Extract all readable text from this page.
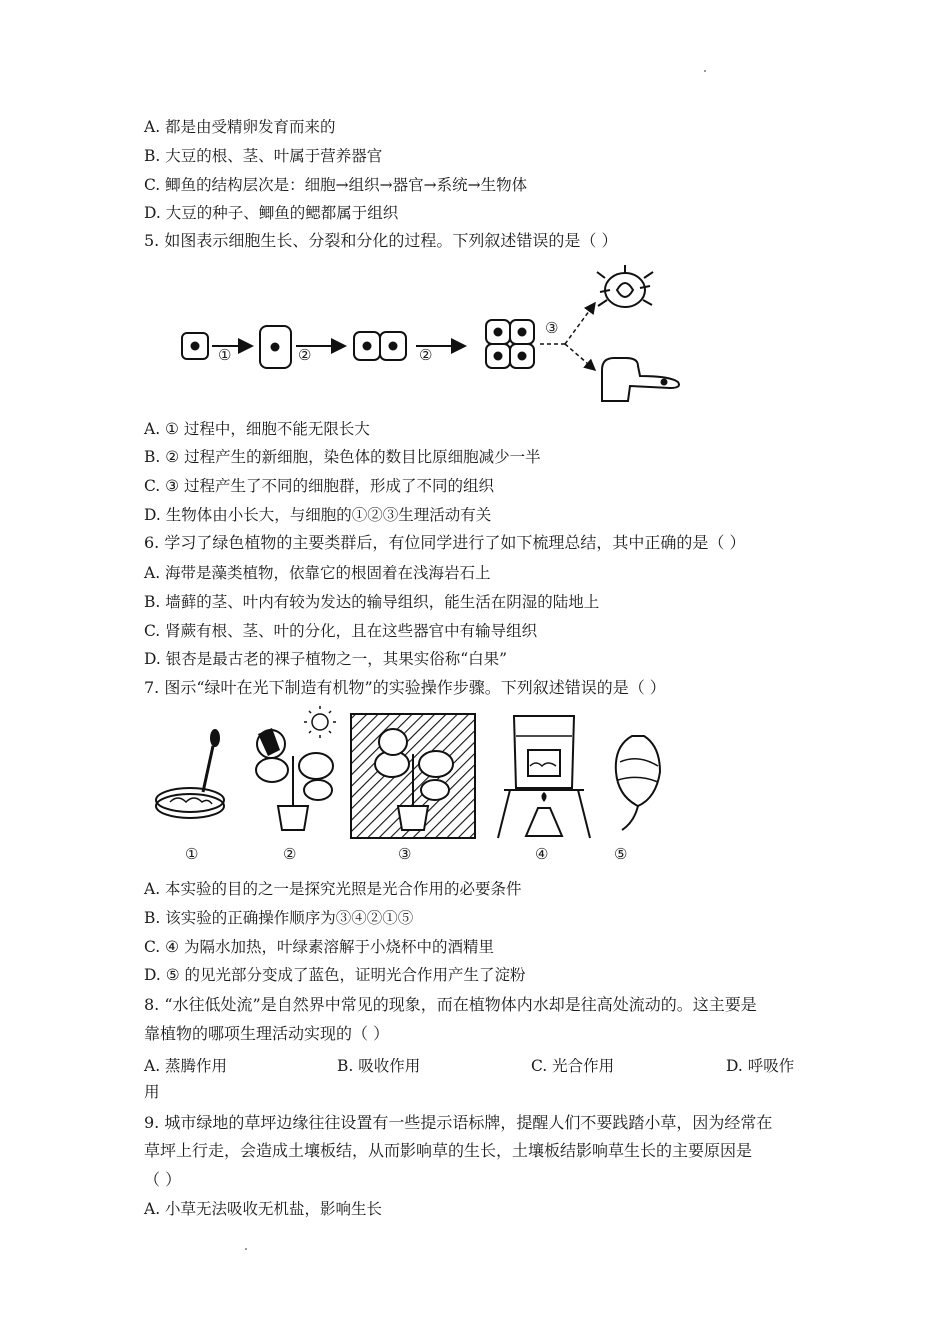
A. 都是由受精卵发育而来的
B. 大豆的根、茎、叶属于营养器官
C. 鲫鱼的结构层次是：细胞→组织→器官→系统→生物体
D. 大豆的种子、鲫鱼的鳃都属于组织
5. 如图表示细胞生长、分裂和分化的过程。下列叙述错误的是（ ）
①	②	②
③
A. ① 过程中，细胞不能无限长大
B. ② 过程产生的新细胞，染色体的数目比原细胞减少一半
C. ③ 过程产生了不同的细胞群，形成了不同的组织
D. 生物体由小长大，与细胞的①②③生理活动有关
6. 学习了绿色植物的主要类群后，有位同学进行了如下梳理总结，其中正确的是（ ）
A. 海带是藻类植物，依靠它的根固着在浅海岩石上
B. 墙藓的茎、叶内有较为发达的输导组织，能生活在阴湿的陆地上
C. 肾蕨有根、茎、叶的分化，且在这些器官中有输导组织
D. 银杏是最古老的裸子植物之一，其果实俗称“白果”
7. 图示“绿叶在光下制造有机物”的实验操作步骤。下列叙述错误的是（ ）
①	②	③	④	⑤
A. 本实验的目的之一是探究光照是光合作用的必要条件
B. 该实验的正确操作顺序为③④②①⑤
C. ④ 为隔水加热，叶绿素溶解于小烧杯中的酒精里
D. ⑤ 的见光部分变成了蓝色，证明光合作用产生了淀粉
8. “水往低处流”是自然界中常见的现象，而在植物体内水却是往高处流动的。这主要是
靠植物的哪项生理活动实现的（ ）
A. 蒸腾作用	B. 吸收作用	C. 光合作用	D. 呼吸作
用
9. 城市绿地的草坪边缘往往设置有一些提示语标牌，提醒人们不要践踏小草，因为经常在
草坪上行走，会造成土壤板结，从而影响草的生长，土壤板结影响草生长的主要原因是
（ ）
A. 小草无法吸收无机盐，影响生长
